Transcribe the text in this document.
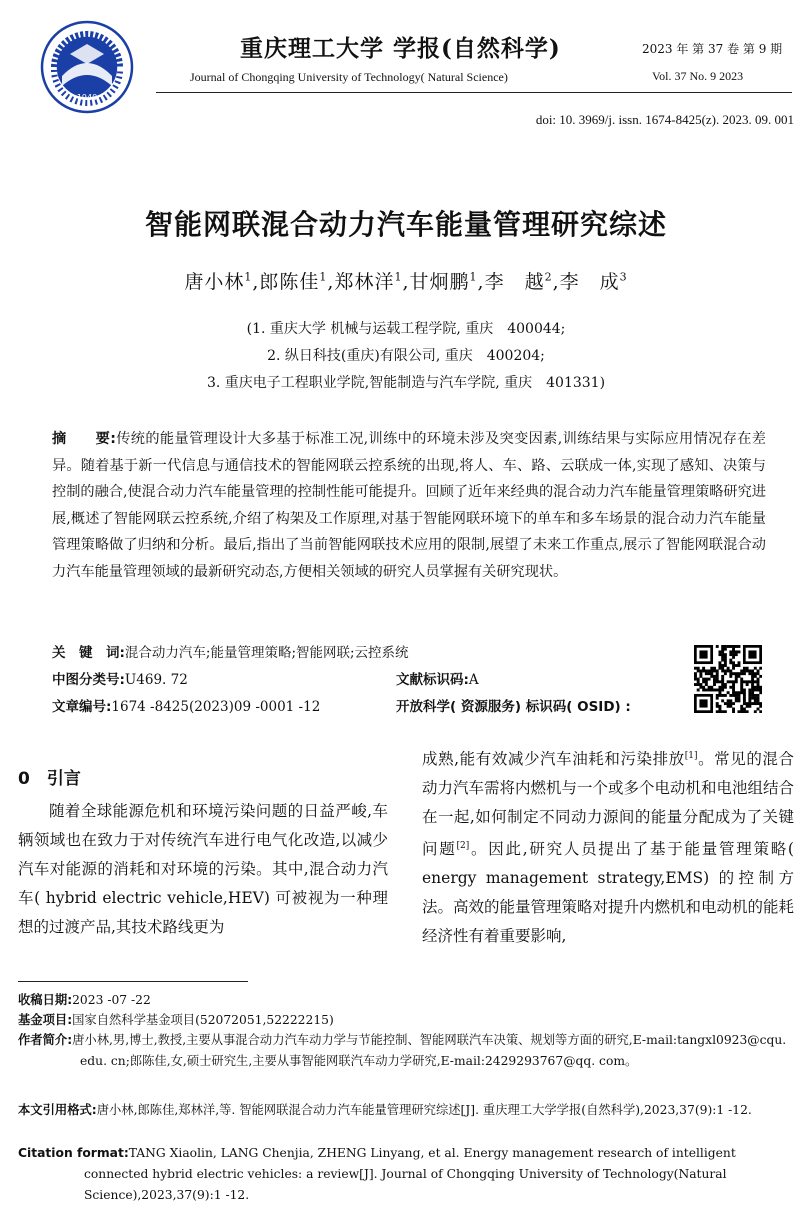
1940
重庆理工大学 学报(自然科学)
Journal of Chongqing University of Technology( Natural Science)
2023 年 第 37 卷 第 9 期
Vol. 37 No. 9 2023
doi: 10. 3969/j. issn. 1674-8425(z). 2023. 09. 001
智能网联混合动力汽车能量管理研究综述
唐小林$^1$,郎陈佳$^1$,郑林洋$^1$,甘炯鹏$^1$,李　越$^2$,李　成$^3$
(1. 重庆大学 机械与运载工程学院, 重庆　400044;
2. 纵日科技(重庆)有限公司, 重庆　400204;
3. 重庆电子工程职业学院,智能制造与汽车学院, 重庆　401331)
摘　　要:传统的能量管理设计大多基于标准工况,训练中的环境未涉及突变因素,训练结果与实际应用情况存在差异。随着基于新一代信息与通信技术的智能网联云控系统的出现,将人、车、路、云联成一体,实现了感知、决策与控制的融合,使混合动力汽车能量管理的控制性能可能提升。回顾了近年来经典的混合动力汽车能量管理策略研究进展,概述了智能网联云控系统,介绍了构架及工作原理,对基于智能网联环境下的单车和多车场景的混合动力汽车能量管理策略做了归纳和分析。最后,指出了当前智能网联技术应用的限制,展望了未来工作重点,展示了智能网联混合动力汽车能量管理领域的最新研究动态,方便相关领域的研究人员掌握有关研究现状。
关　键　词:混合动力汽车;能量管理策略;智能网联;云控系统
中图分类号:U469. 72	文献标识码:A
文章编号:1674 -8425(2023)09 -0001 -12	开放科学( 资源服务) 标识码( OSID) :
0　 引言
随着全球能源危机和环境污染问题的日益严峻,车辆领域也在致力于对传统汽车进行电气化改造,以减少汽车对能源的消耗和对环境的污染。其中,混合动力汽车( hybrid electric vehicle,HEV) 可被视为一种理想的过渡产品,其技术路线更为
成熟,能有效减少汽车油耗和污染排放[1]。常见的混合动力汽车需将内燃机与一个或多个电动机和电池组结合在一起,如何制定不同动力源间的能量分配成为了关键问题[2]。因此,研究人员提出了基于能量管理策略( energy management strategy,EMS) 的控制方法。高效的能量管理策略对提升内燃机和电动机的能耗经济性有着重要影响,
收稿日期:2023 -07 -22
基金项目:国家自然科学基金项目(52072051,52222215)
作者简介:唐小林,男,博士,教授,主要从事混合动力汽车动力学与节能控制、智能网联汽车决策、规划等方面的研究,E-mail:tangxl0923@cqu. edu. cn;郎陈佳,女,硕士研究生,主要从事智能网联汽车动力学研究,E-mail:2429293767@qq. com。
本文引用格式:唐小林,郎陈佳,郑林洋,等. 智能网联混合动力汽车能量管理研究综述[J]. 重庆理工大学学报(自然科学),2023,37(9):1 -12.
Citation format:TANG Xiaolin, LANG Chenjia, ZHENG Linyang, et al. Energy management research of intelligent connected hybrid electric vehicles: a review[J]. Journal of Chongqing University of Technology(Natural Science),2023,37(9):1 -12.
